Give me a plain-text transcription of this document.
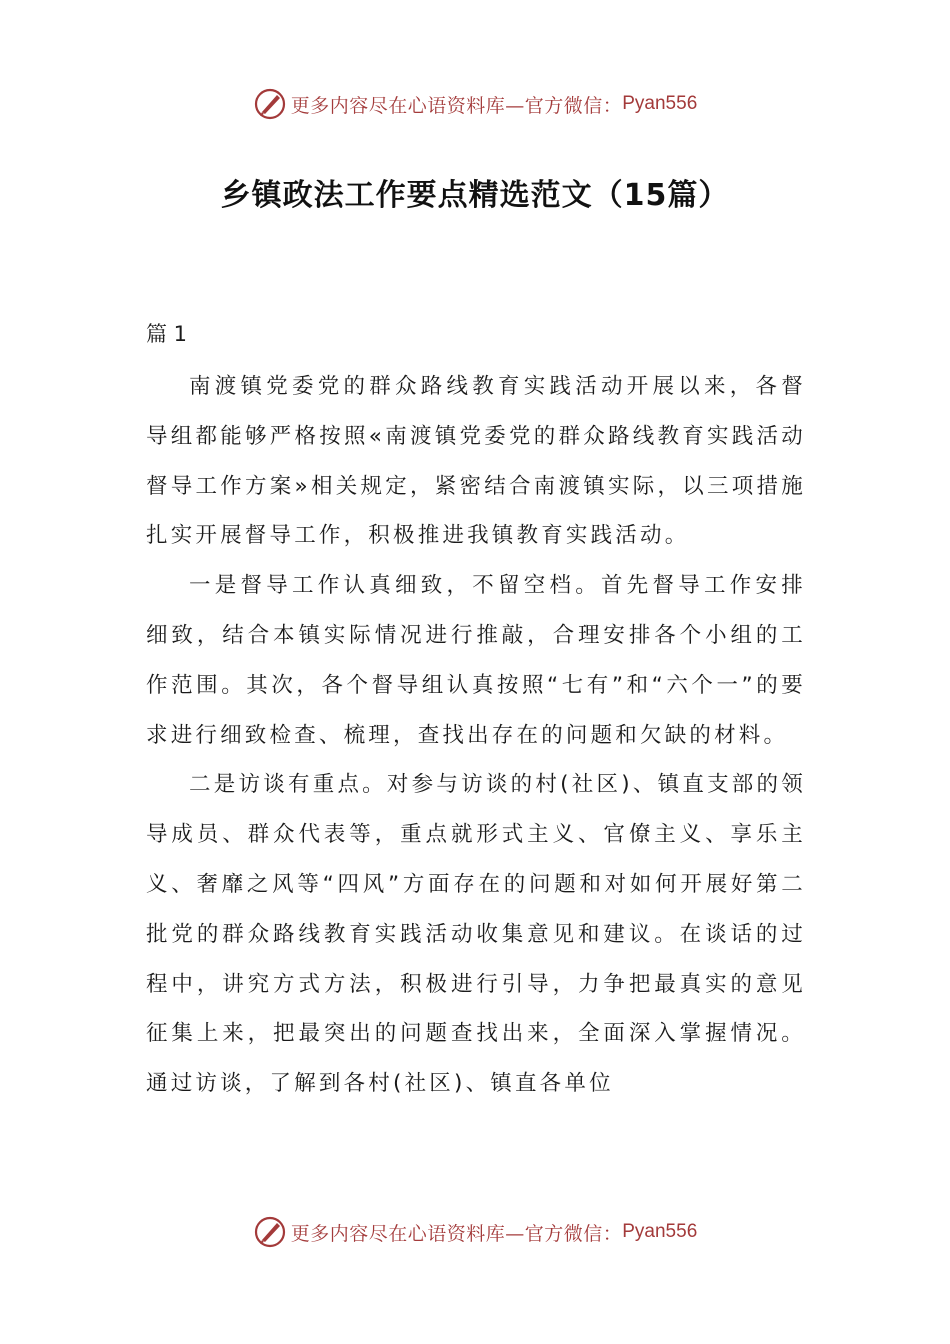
更多内容尽在心语资料库—官方微信： Pyan556
乡镇政法工作要点精选范文（15篇）
篇 1

南渡镇党委党的群众路线教育实践活动开展以来，各督导组都能够严格按照«南渡镇党委党的群众路线教育实践活动督导工作方案»相关规定，紧密结合南渡镇实际，以三项措施扎实开展督导工作，积极推进我镇教育实践活动。

一是督导工作认真细致，不留空档。首先督导工作安排细致，结合本镇实际情况进行推敲，合理安排各个小组的工作范围。其次，各个督导组认真按照“七有”和“六个一”的要求进行细致检查、梳理，查找出存在的问题和欠缺的材料。

二是访谈有重点。对参与访谈的村(社区)、镇直支部的领导成员、群众代表等，重点就形式主义、官僚主义、享乐主义、奢靡之风等“四风”方面存在的问题和对如何开展好第二批党的群众路线教育实践活动收集意见和建议。在谈话的过程中，讲究方式方法，积极进行引导，力争把最真实的意见征集上来，把最突出的问题查找出来，全面深入掌握情况。通过访谈，了解到各村(社区)、镇直各单位

更多内容尽在心语资料库—官方微信： Pyan556
